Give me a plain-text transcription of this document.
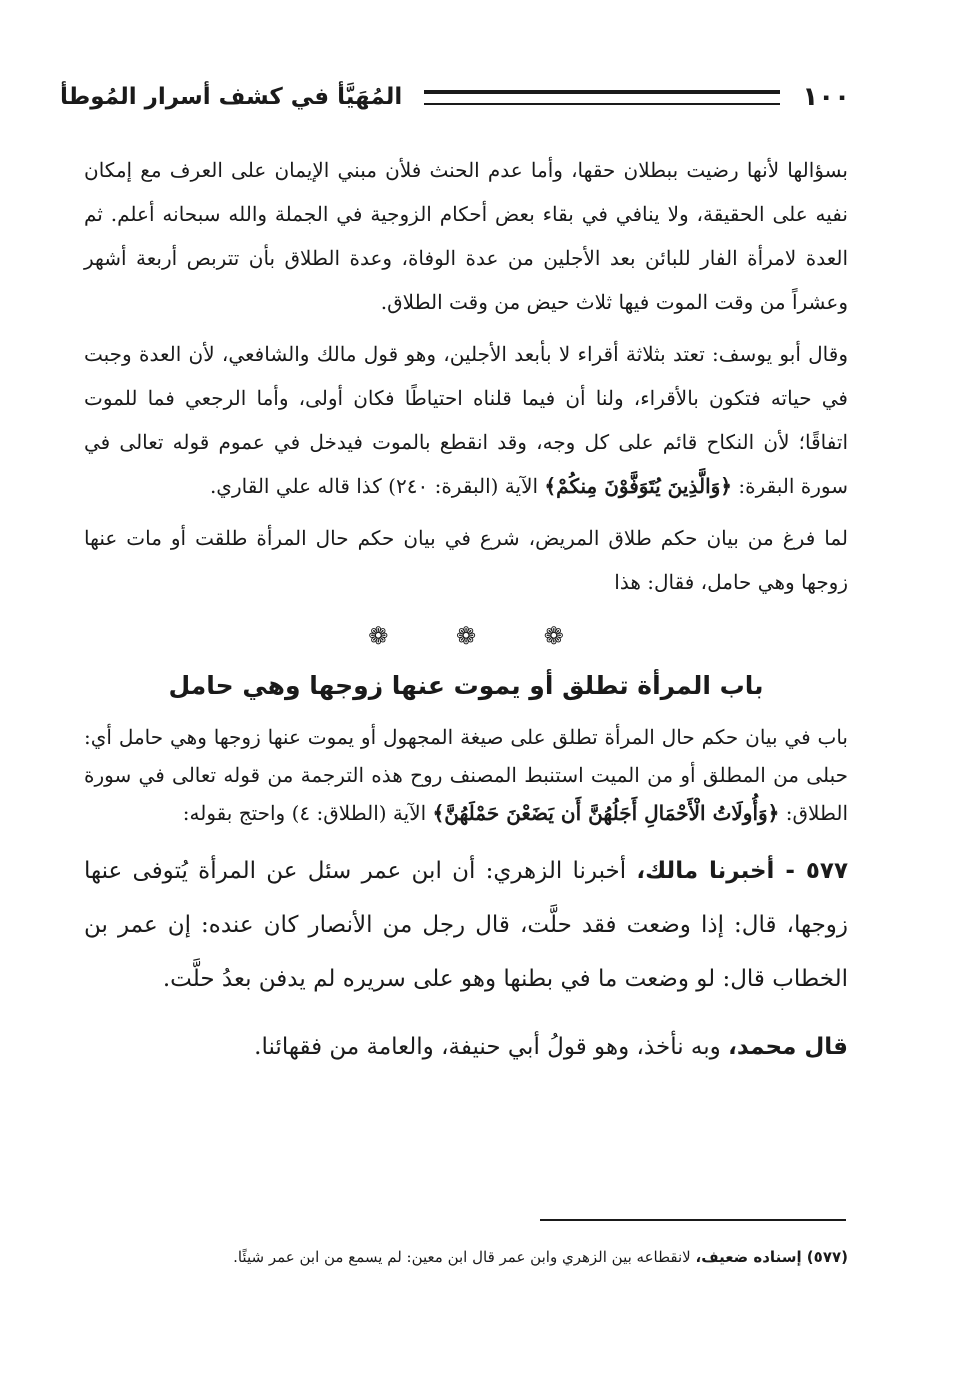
١٠٠
المُهَيَّأ في كشف أسرار المُوطأ

بسؤالها لأنها رضيت ببطلان حقها، وأما عدم الحنث فلأن مبني الإيمان على العرف مع إمكان نفيه على الحقيقة، ولا ينافي في بقاء بعض أحكام الزوجية في الجملة والله سبحانه أعلم. ثم العدة لامرأة الفار للبائن بعد الأجلين من عدة الوفاة، وعدة الطلاق بأن تتربص أربعة أشهر وعشراً من وقت الموت فيها ثلاث حيض من وقت الطلاق.

وقال أبو يوسف: تعتد بثلاثة أقراء لا بأبعد الأجلين، وهو قول مالك والشافعي، لأن العدة وجبت في حياته فتكون بالأقراء، ولنا أن فيما قلناه احتياطًا فكان أولى، وأما الرجعي فما للموت اتفاقًا؛ لأن النكاح قائم على كل وجه، وقد انقطع بالموت فيدخل في عموم قوله تعالى في سورة البقرة: ﴿وَالَّذِينَ يُتَوَفَّوْنَ مِنكُمْ﴾ الآية (البقرة: ٢٤٠) كذا قاله علي القاري.

لما فرغ من بيان حكم طلاق المريض، شرع في بيان حكم حال المرأة طلقت أو مات عنها زوجها وهي حامل، فقال: هذا

❁	❁	❁
باب المرأة تطلق أو يموت عنها زوجها وهي حامل

باب في بيان حكم حال المرأة تطلق على صيغة المجهول أو يموت عنها زوجها وهي حامل أي: حبلى من المطلق أو من الميت استنبط المصنف روح هذه الترجمة من قوله تعالى في سورة الطلاق: ﴿وَأُولَاتُ الْأَحْمَالِ أَجَلُهُنَّ أَن يَضَعْنَ حَمْلَهُنَّ﴾ الآية (الطلاق: ٤) واحتج بقوله:

٥٧٧ - أخبرنا مالك، أخبرنا الزهري: أن ابن عمر سئل عن المرأة يُتوفى عنها زوجها، قال: إذا وضعت فقد حلَّت، قال رجل من الأنصار كان عنده: إن عمر بن الخطاب قال: لو وضعت ما في بطنها وهو على سريره لم يدفن بعدُ حلَّت.

قال محمد، وبه نأخذ، وهو قولُ أبي حنيفة، والعامة من فقهائنا.

(٥٧٧) إسناده ضعيف، لانقطاعه بين الزهري وابن عمر قال ابن معين: لم يسمع من ابن عمر شيئًا.
